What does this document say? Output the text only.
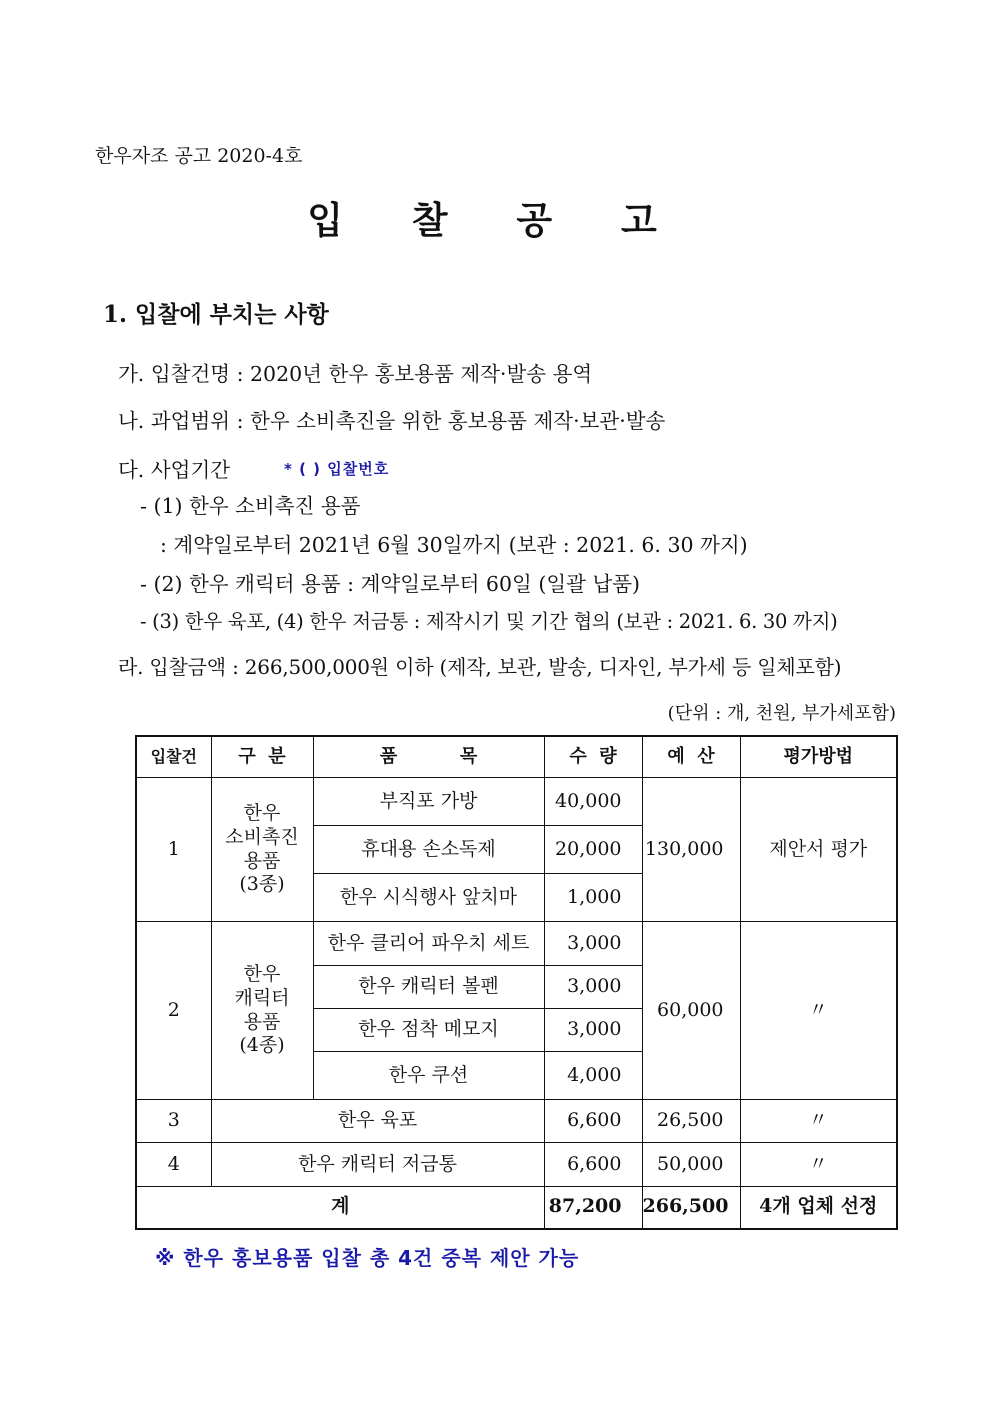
한우자조 공고 2020-4호
입 찰 공 고
1. 입찰에 부치는 사항
가. 입찰건명 : 2020년 한우 홍보용품 제작·발송 용역
나. 과업범위 : 한우 소비촉진을 위한 홍보용품 제작·보관·발송
다. 사업기간	* ( ) 입찰번호
- (1) 한우 소비촉진 용품
: 계약일로부터 2021년 6월 30일까지 (보관 : 2021. 6. 30 까지)
- (2) 한우 캐릭터 용품 : 계약일로부터 60일 (일괄 납품)
- (3) 한우 육포, (4) 한우 저금통 : 제작시기 및 기간 협의 (보관 : 2021. 6. 30 까지)
라. 입찰금액 : 266,500,000원 이하 (제작, 보관, 발송, 디자인, 부가세 등 일체포함)
(단위 : 개, 천원, 부가세포함)
입찰건	구  분	품          목	수  량	예  산	평가방법
1	한우
소비촉진
용품
(3종)	부직포 가방	40,000	130,000	제안서 평가
		휴대용 손소독제	20,000		
		한우 시식행사 앞치마	1,000		
2	한우
캐릭터
용품
(4종)	한우 클리어 파우치 세트	3,000	60,000	〃
		한우 캐릭터 볼펜	3,000		
		한우 점착 메모지	3,000		
		한우 쿠션	4,000		
3	한우 육포		6,600	26,500	〃
4	한우 캐릭터 저금통		6,600	50,000	〃
계			87,200	266,500	4개 업체 선정
※ 한우 홍보용품 입찰 총 4건 중복 제안 가능
